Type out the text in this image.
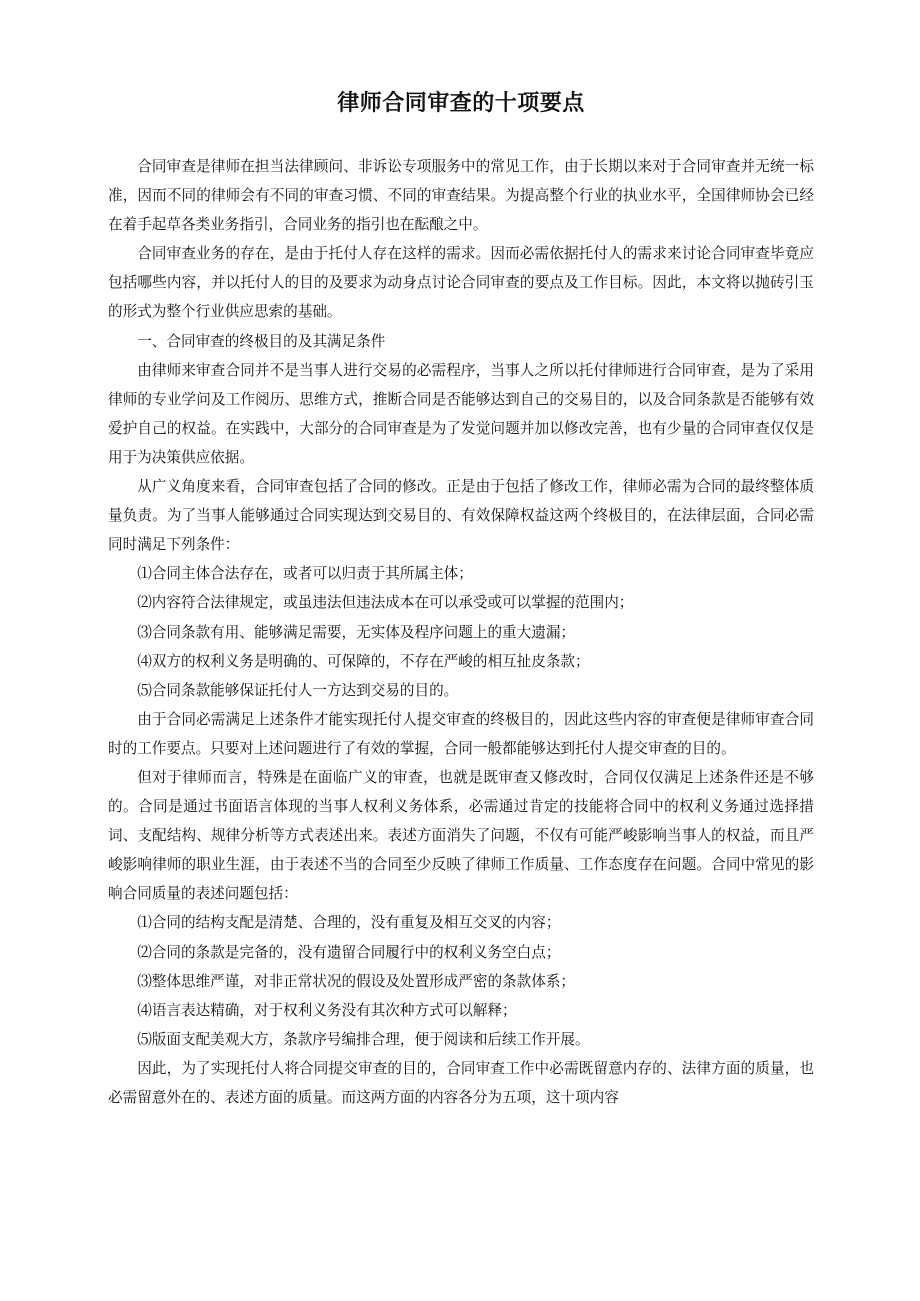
律师合同审查的十项要点

合同审查是律师在担当法律顾问、非诉讼专项服务中的常见工作，由于长期以来对于合同审查并无统一标准，因而不同的律师会有不同的审查习惯、不同的审查结果。为提高整个行业的执业水平，全国律师协会已经在着手起草各类业务指引，合同业务的指引也在酝酿之中。

合同审查业务的存在，是由于托付人存在这样的需求。因而必需依据托付人的需求来讨论合同审查毕竟应包括哪些内容，并以托付人的目的及要求为动身点讨论合同审查的要点及工作目标。因此，本文将以抛砖引玉的形式为整个行业供应思索的基础。

一、合同审查的终极目的及其满足条件

由律师来审查合同并不是当事人进行交易的必需程序，当事人之所以托付律师进行合同审查，是为了采用律师的专业学问及工作阅历、思维方式，推断合同是否能够达到自己的交易目的，以及合同条款是否能够有效爱护自己的权益。在实践中，大部分的合同审查是为了发觉问题并加以修改完善，也有少量的合同审查仅仅是用于为决策供应依据。

从广义角度来看，合同审查包括了合同的修改。正是由于包括了修改工作，律师必需为合同的最终整体质量负责。为了当事人能够通过合同实现达到交易目的、有效保障权益这两个终极目的，在法律层面，合同必需同时满足下列条件：

⑴合同主体合法存在，或者可以归责于其所属主体；

⑵内容符合法律规定，或虽违法但违法成本在可以承受或可以掌握的范围内；

⑶合同条款有用、能够满足需要，无实体及程序问题上的重大遗漏；

⑷双方的权利义务是明确的、可保障的，不存在严峻的相互扯皮条款；

⑸合同条款能够保证托付人一方达到交易的目的。

由于合同必需满足上述条件才能实现托付人提交审查的终极目的，因此这些内容的审查便是律师审查合同时的工作要点。只要对上述问题进行了有效的掌握，合同一般都能够达到托付人提交审查的目的。

但对于律师而言，特殊是在面临广义的审查，也就是既审查又修改时，合同仅仅满足上述条件还是不够的。合同是通过书面语言体现的当事人权利义务体系，必需通过肯定的技能将合同中的权利义务通过选择措词、支配结构、规律分析等方式表述出来。表述方面消失了问题，不仅有可能严峻影响当事人的权益，而且严峻影响律师的职业生涯，由于表述不当的合同至少反映了律师工作质量、工作态度存在问题。合同中常见的影响合同质量的表述问题包括：

⑴合同的结构支配是清楚、合理的，没有重复及相互交叉的内容；

⑵合同的条款是完备的，没有遗留合同履行中的权利义务空白点；

⑶整体思维严谨，对非正常状况的假设及处置形成严密的条款体系；

⑷语言表达精确，对于权利义务没有其次种方式可以解释；

⑸版面支配美观大方，条款序号编排合理，便于阅读和后续工作开展。

因此，为了实现托付人将合同提交审查的目的，合同审查工作中必需既留意内存的、法律方面的质量，也必需留意外在的、表述方面的质量。而这两方面的内容各分为五项，这十项内容
